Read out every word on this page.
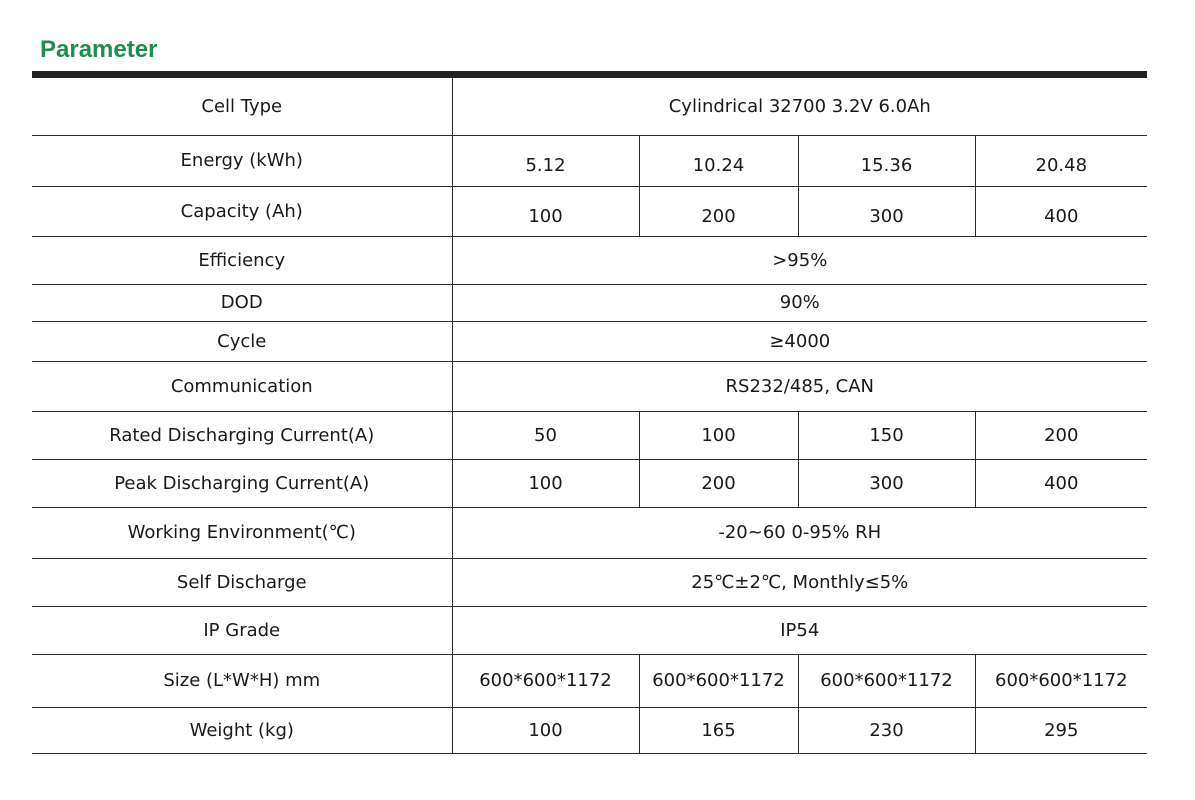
Parameter
Cell Type	Cylindrical 32700 3.2V 6.0Ah			
Energy (kWh)	5.12	10.24	15.36	20.48
Capacity (Ah)	100	200	300	400
Efficiency	>95%			
DOD	90%			
Cycle	≥4000			
Communication	RS232/485, CAN			
Rated Discharging Current(A)	50	100	150	200
Peak Discharging Current(A)	100	200	300	400
Working Environment(℃)	-20~60 0-95% RH			
Self Discharge	25℃±2℃, Monthly≤5%			
IP Grade	IP54			
Size (L*W*H) mm	600*600*1172	600*600*1172	600*600*1172	600*600*1172
Weight (kg)	100	165	230	295
